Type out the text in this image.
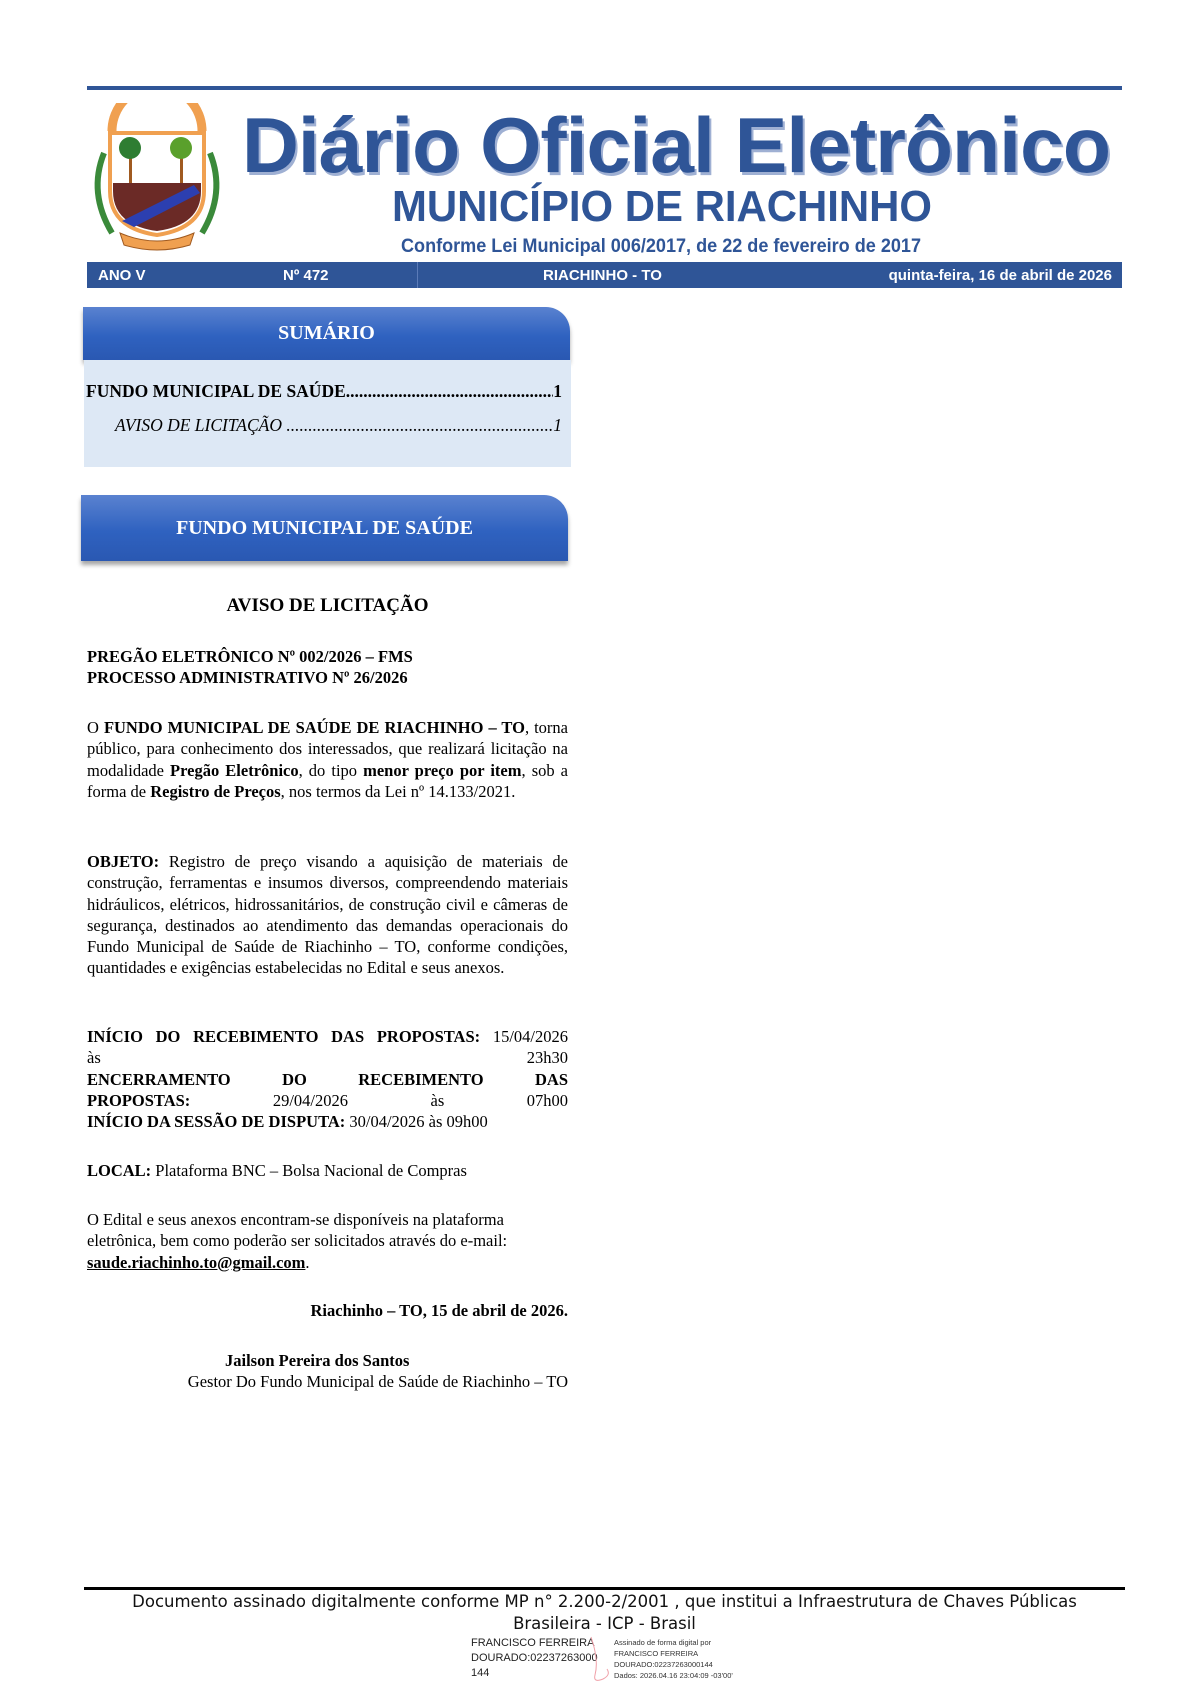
Diário Oficial Eletrônico
MUNICÍPIO DE RIACHINHO
Conforme Lei Municipal 006/2017, de 22 de fevereiro de 2017
ANO V	Nº 472	RIACHINHO - TO	quinta-feira, 16 de abril de 2026
SUMÁRIO
FUNDO MUNICIPAL DE SAÚDE .....	1
AVISO DE LICITAÇÃO .....	1
FUNDO MUNICIPAL DE SAÚDE
AVISO DE LICITAÇÃO
PREGÃO ELETRÔNICO Nº 002/2026 – FMS
PROCESSO ADMINISTRATIVO Nº 26/2026
O FUNDO MUNICIPAL DE SAÚDE DE RIACHINHO – TO, torna público, para conhecimento dos interessados, que realizará licitação na modalidade Pregão Eletrônico, do tipo menor preço por item, sob a forma de Registro de Preços, nos termos da Lei nº 14.133/2021.
OBJETO: Registro de preço visando a aquisição de materiais de construção, ferramentas e insumos diversos, compreendendo materiais hidráulicos, elétricos, hidrossanitários, de construção civil e câmeras de segurança, destinados ao atendimento das demandas operacionais do Fundo Municipal de Saúde de Riachinho – TO, conforme condições, quantidades e exigências estabelecidas no Edital e seus anexos.
INÍCIO DO RECEBIMENTO DAS PROPOSTAS: 15/04/2026
às	23h30
ENCERRAMENTO	DO	RECEBIMENTO	DAS
PROPOSTAS:	29/04/2026	às	07h00
INÍCIO DA SESSÃO DE DISPUTA: 30/04/2026 às 09h00
LOCAL: Plataforma BNC – Bolsa Nacional de Compras
O Edital e seus anexos encontram-se disponíveis na plataforma eletrônica, bem como poderão ser solicitados através do e-mail: saude.riachinho.to@gmail.com.
Riachinho – TO, 15 de abril de 2026.
Jailson Pereira dos Santos
Gestor Do Fundo Municipal de Saúde de Riachinho – TO
Documento assinado digitalmente conforme MP n° 2.200-2/2001 , que institui a Infraestrutura de Chaves Públicas
Brasileira - ICP - Brasil
FRANCISCO FERREIRA
DOURADO:02237263000
144
Assinado de forma digital por
FRANCISCO FERREIRA
DOURADO:02237263000144
Dados: 2026.04.16 23:04:09 -03'00'
